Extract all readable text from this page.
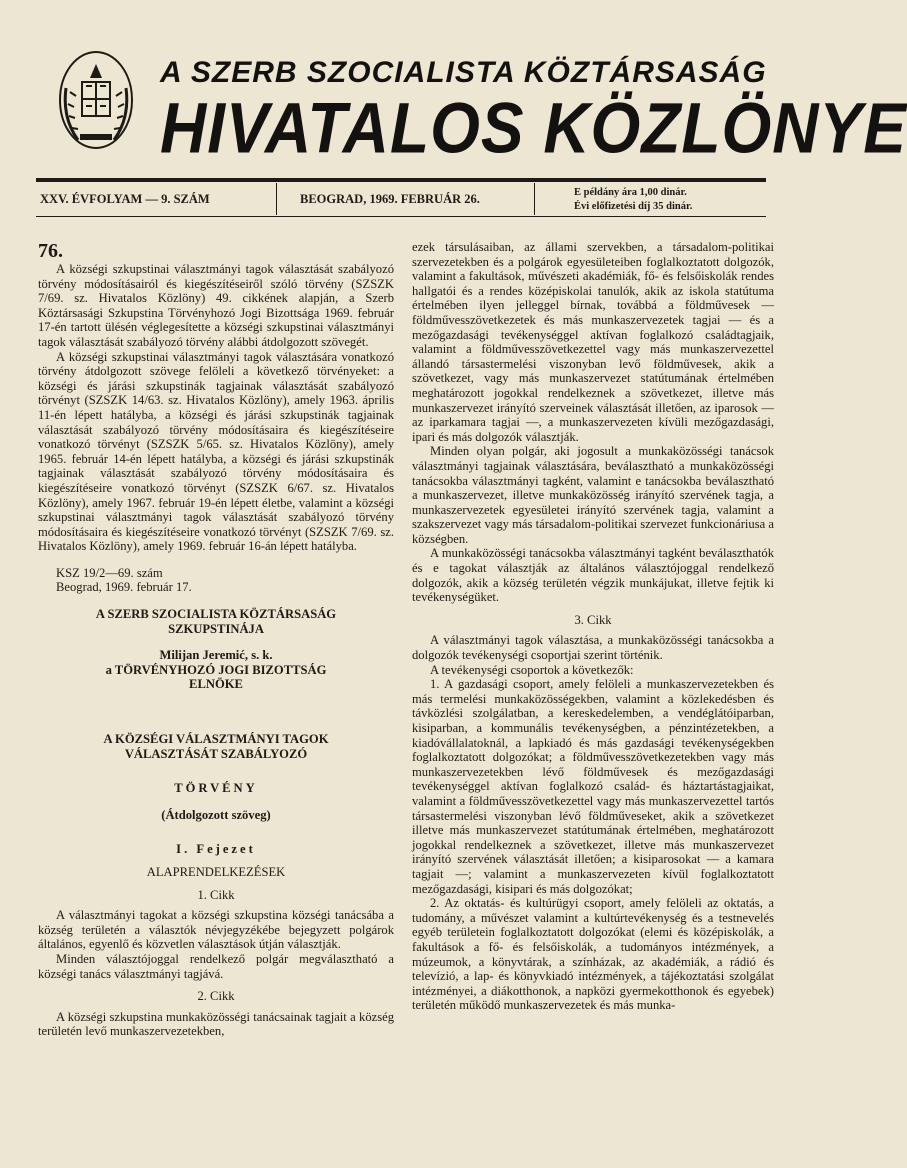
A SZERB SZOCIALISTA KÖZTÁRSASÁG
HIVATALOS KÖZLÖNYE
XXV. ÉVFOLYAM — 9. SZÁM	BEOGRAD, 1969. FEBRUÁR 26.	E példány ára 1,00 dinár.
Évi előfizetési díj 35 dinár.

76.

A községi szkupstinai választmányi tagok választását szabályozó törvény módosításairól és kiegészítéseiről szóló törvény (SZSZK 7/69. sz. Hivatalos Közlöny) 49. cikkének alapján, a Szerb Köztársasági Szkupstina Törvényhozó Jogi Bizottsága 1969. február 17-én tartott ülésén véglegesítette a községi szkupstinai választmányi tagok választását szabályozó törvény alábbi átdolgozott szövegét.

A községi szkupstinai választmányi tagok választására vonatkozó törvény átdolgozott szövege felöleli a következő törvényeket: a községi és járási szkupstinák tagjainak választását szabályozó törvényt (SZSZK 14/63. sz. Hivatalos Közlöny), amely 1963. április 11-én lépett hatályba, a községi és járási szkupstinák tagjainak választását szabályozó törvény módosításaira és kiegészítéseire vonatkozó törvényt (SZSZK 5/65. sz. Hivatalos Közlöny), amely 1965. február 14-én lépett hatályba, a községi és járási szkupstinák tagjainak választását szabályozó törvény módosításaira és kiegészítéseire vonatkozó törvényt (SZSZK 6/67. sz. Hivatalos Közlöny), amely 1967. február 19-én lépett életbe, valamint a községi szkupstinai választmányi tagok választását szabályozó törvény módosításaira és kiegészítéseire vonatkozó törvényt (SZSZK 7/69. sz. Hivatalos Közlöny), amely 1969. február 16-án lépett hatályba.

KSZ 19/2—69. szám

Beograd, 1969. február 17.

A SZERB SZOCIALISTA KÖZTÁRSASÁG

SZKUPSTINÁJA

Milijan Jeremić, s. k.

a TÖRVÉNYHOZÓ JOGI BIZOTTSÁG

ELNÖKE

A KÖZSÉGI VÁLASZTMÁNYI TAGOK

VÁLASZTÁSÁT SZABÁLYOZÓ

TÖRVÉNY

(Átdolgozott szöveg)

I. Fejezet

ALAPRENDELKEZÉSEK

1. Cikk

A választmányi tagokat a községi szkupstina községi tanácsába a község területén a választók névjegyzékébe bejegyzett polgárok általános, egyenlő és közvetlen választások útján választják.

Minden választójoggal rendelkező polgár megválasztható a községi tanács választmányi tagjává.

2. Cikk

A községi szkupstina munkaközösségi tanácsainak tagjait a község területén levő munkaszervezetekben,

ezek társulásaiban, az állami szervekben, a társadalom-politikai szervezetekben és a polgárok egyesületeiben foglalkoztatott dolgozók, valamint a fakultások, művészeti akadémiák, fő- és felsőiskolák rendes hallgatói és a rendes középiskolai tanulók, akik az iskola statútuma értelmében ilyen jelleggel bírnak, továbbá a földművesek — földművesszövetkezetek és más munkaszervezetek tagjai — és a mezőgazdasági tevékenységgel aktívan foglalkozó családtagjaik, valamint a földművesszövetkezettel vagy más munkaszervezettel állandó társastermelési viszonyban levő földművesek, akik a szövetkezet, vagy más munkaszervezet statútumának értelmében meghatározott jogokkal rendelkeznek a szövetkezet, illetve más munkaszervezet irányító szerveinek választását illetően, az iparosok — az iparkamara tagjai —, a munkaszervezeten kívüli mezőgazdasági, ipari és más dolgozók választják.

Minden olyan polgár, aki jogosult a munkaközösségi tanácsok választmányi tagjainak választására, beválasztható a munkaközösségi tanácsokba választmányi tagként, valamint e tanácsokba beválasztható a munkaszervezet, illetve munkaközösség irányító szervének tagja, a munkaszervezetek egyesületei irányító szervének tagja, valamint a szakszervezet vagy más társadalom-politikai szervezet funkcionáriusa a községben.

A munkaközösségi tanácsokba választmányi tagként beválaszthatók és e tagokat választják az általános választójoggal rendelkező dolgozók, akik a község területén végzik munkájukat, illetve fejtik ki tevékenységüket.

3. Cikk

A választmányi tagok választása, a munkaközösségi tanácsokba a dolgozók tevékenységi csoportjai szerint történik.

A tevékenységi csoportok a következők:

1. A gazdasági csoport, amely felöleli a munkaszervezetekben és más termelési munkaközösségekben, valamint a közlekedésben és távközlési szolgálatban, a kereskedelemben, a vendéglátóiparban, kisiparban, a kommunális tevékenységben, a pénzintézetekben, a kiadóvállalatoknál, a lapkiadó és más gazdasági tevékenységekben foglalkoztatott dolgozókat; a földművesszövetkezetekben vagy más munkaszervezetekben lévő földművesek és mezőgazdasági tevékenységgel aktívan foglalkozó család- és háztartástagjaikat, valamint a földművesszövetkezettel vagy más munkaszervezettel tartós társastermelési viszonyban lévő földműveseket, akik a szövetkezet illetve más munkaszervezet statútumának értelmében, meghatározott jogokkal rendelkeznek a szövetkezet, illetve más munkaszervezet irányító szervének választását illetően; a kisiparosokat — a kamara tagjait —; valamint a munkaszervezeten kívül foglalkoztatott mezőgazdasági, kisipari és más dolgozókat;

2. Az oktatás- és kultúrügyi csoport, amely felöleli az oktatás, a tudomány, a művészet valamint a kultúrtevékenység és a testnevelés egyéb területein foglalkoztatott dolgozókat (elemi és középiskolák, a fakultások a fő- és felsőiskolák, a tudományos intézmények, a múzeumok, a könyvtárak, a színházak, az akadémiák, a rádió és televízió, a lap- és könyvkiadó intézmények, a tájékoztatási szolgálat intézményei, a diákotthonok, a napközi gyermekotthonok és egyebek) területén működő munkaszervezetek és más munka-
